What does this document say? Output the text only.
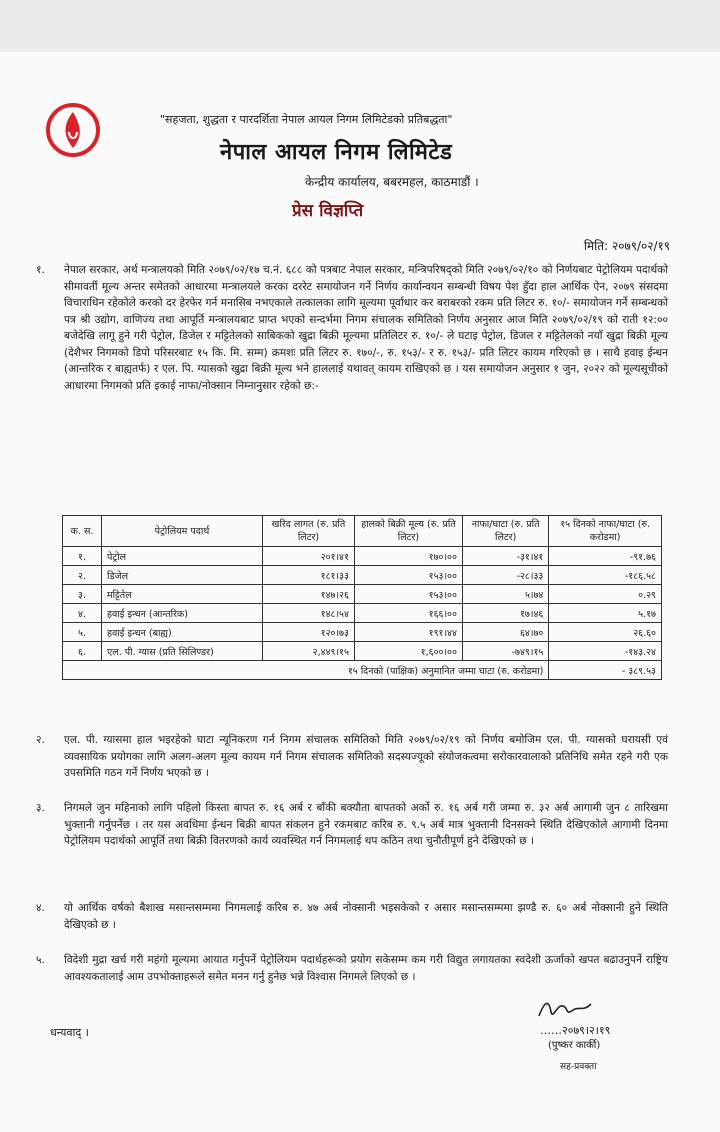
"सहजता, शुद्धता र पारदर्शिता नेपाल आयल निगम लिमिटेडको प्रतिबद्धता"
नेपाल आयल निगम लिमिटेड
केन्द्रीय कार्यालय, बबरमहल, काठमाडौं ।
प्रेस विज्ञप्ति
मिति: २०७९/०२/१९
१. नेपाल सरकार, अर्थ मन्त्रालयको मिति २०७९/०२/१७ च.नं. ६८८ को पत्रबाट नेपाल सरकार, मन्त्रिपरिषद्को मिति २०७९/०२/१० को निर्णयबाट पेट्रोलियम पदार्थको सीमावर्ती मूल्य अन्तर समेतको आधारमा मन्त्रालयले करका दररेट समायोजन गर्ने निर्णय कार्यान्वयन सम्बन्धी विषय पेश हुँदा हाल आर्थिक ऐन, २०७९ संसदमा विचाराधिन रहेकोले करको दर हेरफेर गर्न मनासिब नभएकाले तत्कालका लागि मूल्यमा पूर्वाधार कर बराबरको रकम प्रति लिटर रु. १०/- समायोजन गर्ने सम्बन्धको पत्र श्री उद्योग, वाणिज्य तथा आपूर्ति मन्त्रालयबाट प्राप्त भएको सन्दर्भमा निगम संचालक समितिको निर्णय अनुसार आज मिति २०७९/०२/१९ को राती १२:०० बजेदेखि लागू हुने गरी पेट्रोल, डिजेल र मट्टितेलको साबिकको खुद्रा बिक्री मूल्यमा प्रतिलिटर रु. १०/- ले घटाइ पेट्रोल, डिजल र मट्टितेलको नयाँ खुद्रा बिक्री मूल्य (देशैभर निगमको डिपो परिसरबाट १५ कि. मि. सम्म) क्रमशः प्रति लिटर रु. १७०/-, रु. १५३/- र रु. १५३/- प्रति लिटर कायम गरिएको छ । साथै हवाइ ईन्धन (आन्तरिक र बाह्यतर्फ) र एल. पि. ग्यासको खुद्रा बिक्री मूल्य भने हाललाई यथावत् कायम राखिएको छ । यस समायोजन अनुसार १ जुन, २०२२ को मूल्यसूचीको आधारमा निगमको प्रति इकाई नाफा/नोक्सान निम्नानुसार रहेको छ:-
क. स.	पेट्रोलियम पदार्थ	खरिद लागत (रु. प्रति लिटर)	हालको बिक्री मूल्य (रु. प्रति लिटर)	नाफा/घाटा (रु. प्रति लिटर)	१५ दिनको नाफा/घाटा (रु. करोडमा)
१.	पेट्रोल	२०१।४१	१७०।००	-३१।४१	-९१.७६
२.	डिजेल	१८१।३३	१५३।००	-२८।३३	-१८६.५८
३.	मट्टितेल	१४७।२६	१५३।००	५।७४	०.२९
४.	हवाई इन्धन (आन्तरिक)	१४८।५४	१६६।००	१७।४६	५.१७
५.	हवाई इन्धन (बाह्य)	१२०।७३	१९१।४४	६४।७०	२६.६०
६.	एल. पी. ग्यास (प्रति सिलिण्डर)	२,४४९।१५	१,६००।००	-७४९।१५	-१४३.२४
१५ दिनको (पाक्षिक) अनुमानित जम्मा घाटा (रु. करोडमा)					- ३८९.५३
२. एल. पी. ग्यासमा हाल भइरहेको घाटा न्यूनिकरण गर्न निगम संचालक समितिको मिति २०७९/०२/१९ को निर्णय बमोजिम एल. पी. ग्यासको घरायसी एवं व्यवसायिक प्रयोगका लागि अलग-अलग मूल्य कायम गर्न निगम संचालक समितिको सदस्यज्यूको संयोजकत्वमा सरोकारवालाको प्रतिनिधि समेत रहने गरी एक उपसमिति गठन गर्ने निर्णय भएको छ ।
३. निगमले जुन महिनाको लागि पहिलो किस्ता बापत रु. १६ अर्ब र बाँकी बक्यौता बापतको अर्को रु. १६ अर्ब गरी जम्मा रु. ३२ अर्ब आगामी जुन ८ तारिखमा भुक्तानी गर्नुपर्नेछ । तर यस अवधिमा ईन्धन बिक्री बापत संकलन हुने रकमबाट करिब रु. ९.५ अर्ब मात्र भुक्तानी दिनसक्ने स्थिति देखिएकोले आगामी दिनमा पेट्रोलियम पदार्थको आपूर्ति तथा बिक्री वितरणको कार्य व्यवस्थित गर्न निगमलाई थप कठिन तथा चुनौतीपूर्ण हुने देखिएको छ ।
४. यो आर्थिक वर्षको बैशाख मसान्तसम्ममा निगमलाई करिब रु. ४७ अर्ब नोक्सानी भइसकेको र असार मसान्तसम्ममा झण्डै रु. ६० अर्ब नोक्सानी हुने स्थिति देखिएको छ ।
५. विदेशी मुद्रा खर्च गरी महंगो मूल्यमा आयात गर्नुपर्ने पेट्रोलियम पदार्थहरूको प्रयोग सकेसम्म कम गरी विद्युत लगायतका स्वदेशी ऊर्जाको खपत बढाउनुपर्ने राष्ट्रिय आवश्यकतालाई आम उपभोक्ताहरूले समेत मनन गर्नु हुनेछ भन्ने विश्वास निगमले लिएको छ ।
धन्यवाद् ।	……२०७९।२।१९
(पुष्कर कार्की)
सह-प्रवक्ता
